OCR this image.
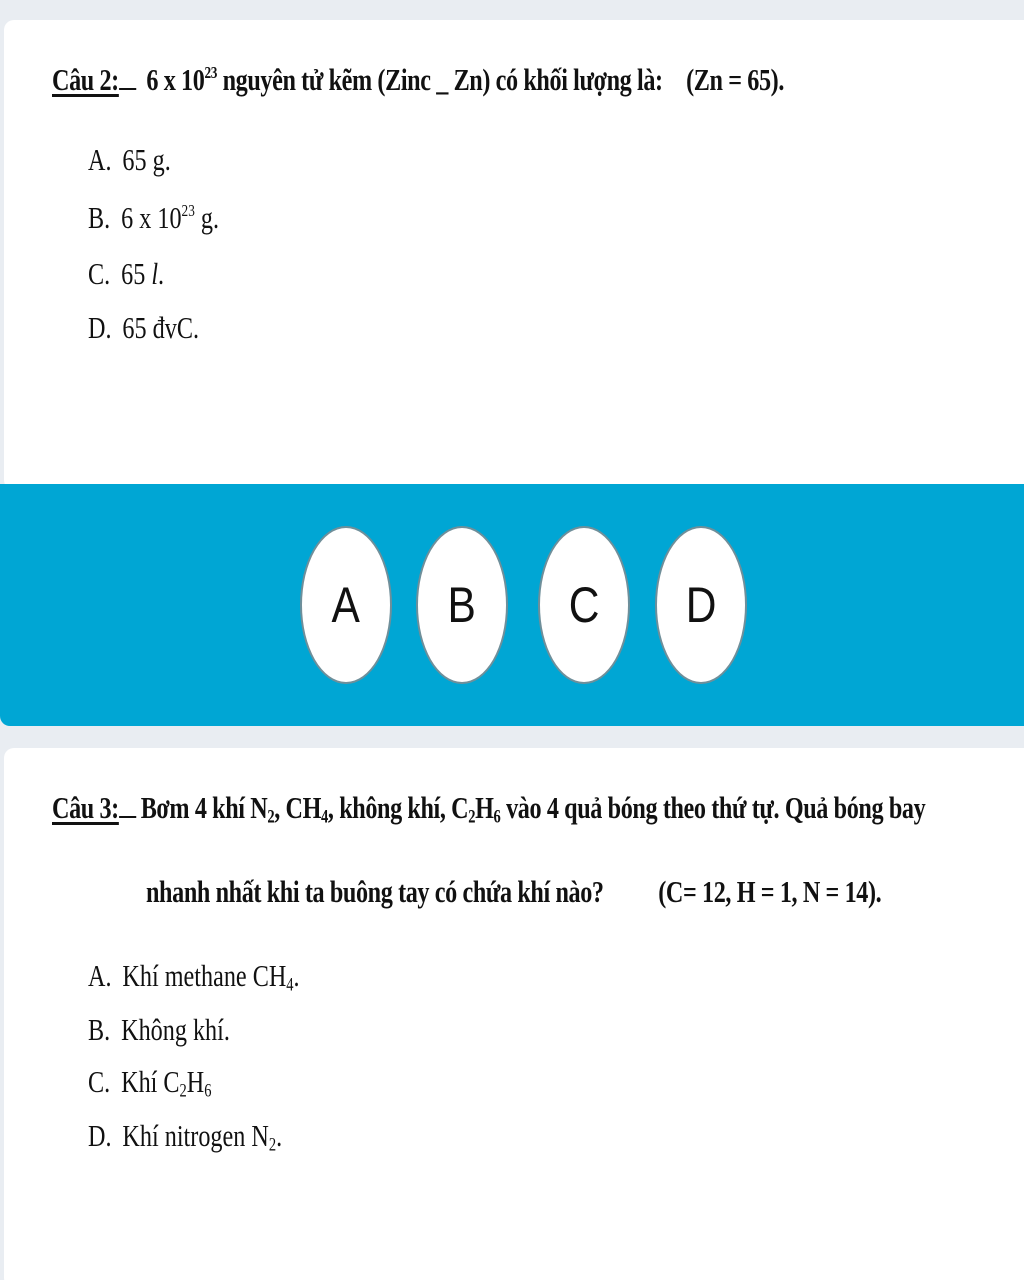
Câu 2: 6 x $10^{23}$ nguyên tử kẽm (Zinc _ Zn) có khối lượng là: (Zn = 65).
A. 65 g.
B. 6 x $10^{23}$ g.
C. 65 l.
D. 65 đvC.
A B C D
Câu 3: Bơm 4 khí $N_2$, $CH_4$, không khí, $C_2H_6$ vào 4 quả bóng theo thứ tự. Quả bóng bay
nhanh nhất khi ta buông tay có chứa khí nào? (C= 12, H = 1, N = 14).
A. Khí methane $CH_4$.
B. Không khí.
C. Khí $C_2H_6$
D. Khí nitrogen $N_2$.
